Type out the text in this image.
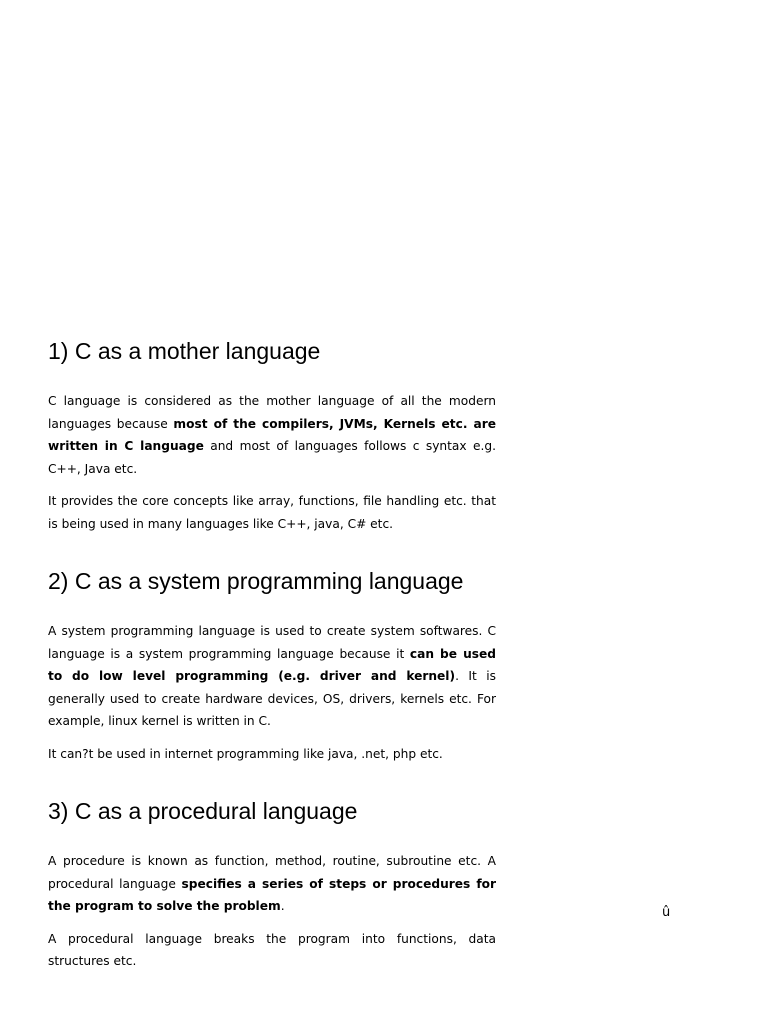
1) C as a mother language

C language is considered as the mother language of all the modern languages because most of the compilers, JVMs, Kernels etc. are written in C language and most of languages follows c syntax e.g. C++, Java etc.

It provides the core concepts like array, functions, file handling etc. that is being used in many languages like C++, java, C# etc.

2) C as a system programming language

A system programming language is used to create system softwares. C language is a system programming language because it can be used to do low level programming (e.g. driver and kernel). It is generally used to create hardware devices, OS, drivers, kernels etc. For example, linux kernel is written in C.

It can?t be used in internet programming like java, .net, php etc.

3) C as a procedural language

A procedure is known as function, method, routine, subroutine etc. A procedural language specifies a series of steps or procedures for the program to solve the problem.

A procedural language breaks the program into functions, data structures etc.

û
